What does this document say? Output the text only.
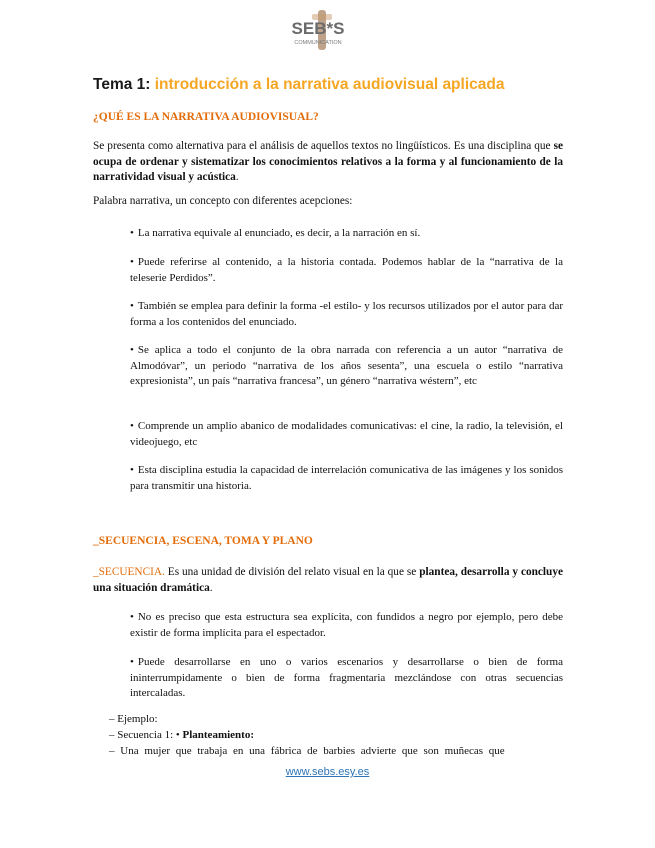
SEB*S
COMMUNICATION
Tema 1: introducción a la narrativa audiovisual aplicada
¿QUÉ ES LA NARRATIVA AUDIOVISUAL?
Se presenta como alternativa para el análisis de aquellos textos no lingüísticos. Es una disciplina que se ocupa de ordenar y sistematizar los conocimientos relativos a la forma y al funcionamiento de la narratividad visual y acústica.
Palabra narrativa, un concepto con diferentes acepciones:
• La narrativa equivale al enunciado, es decir, a la narración en sí.
• Puede referirse al contenido, a la historia contada. Podemos hablar de la “narrativa de la teleserie Perdidos”.
• También se emplea para definir la forma -el estilo- y los recursos utilizados por el autor para dar forma a los contenidos del enunciado.
• Se aplica a todo el conjunto de la obra narrada con referencia a un autor “narrativa de Almodóvar”, un periodo “narrativa de los años sesenta”, una escuela o estilo “narrativa expresionista”, un país “narrativa francesa”, un género “narrativa wéstern”, etc
• Comprende un amplio abanico de modalidades comunicativas: el cine, la radio, la televisión, el videojuego, etc
• Esta disciplina estudia la capacidad de interrelación comunicativa de las imágenes y los sonidos para transmitir una historia.
_SECUENCIA, ESCENA, TOMA Y PLANO
_SECUENCIA. Es una unidad de división del relato visual en la que se plantea, desarrolla y concluye una situación dramática.
• No es preciso que esta estructura sea explícita, con fundidos a negro por ejemplo, pero debe existir de forma implícita para el espectador.
• Puede desarrollarse en uno o varios escenarios y desarrollarse o bien de forma ininterrumpidamente o bien de forma fragmentaria mezclándose con otras secuencias intercaladas.
– Ejemplo:
– Secuencia 1: • Planteamiento:
– Una mujer que trabaja en una fábrica de barbies advierte que son muñecas que
www.sebs.esy.es
